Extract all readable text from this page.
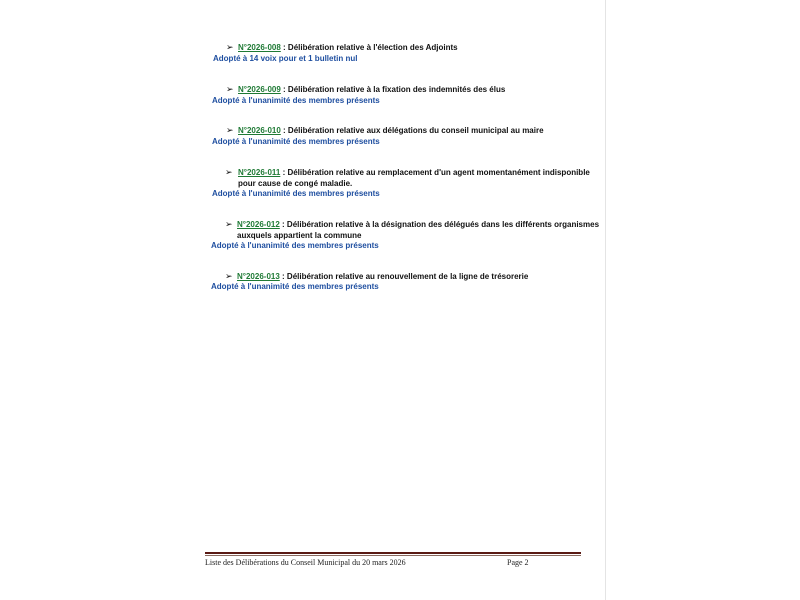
➢ N°2026-008 : Délibération relative à l'élection des Adjoints
Adopté à 14 voix pour et 1 bulletin nul
➢ N°2026-009 : Délibération relative à la fixation des indemnités des élus
Adopté à l'unanimité des membres présents
➢ N°2026-010 : Délibération relative aux délégations du conseil municipal au maire
Adopté à l'unanimité des membres présents
➢ N°2026-011 : Délibération relative au remplacement d'un agent momentanément indisponible
pour cause de congé maladie.
Adopté à l'unanimité des membres présents
➢ N°2026-012 : Délibération relative à la désignation des délégués dans les différents organismes
auxquels appartient la commune
Adopté à l'unanimité des membres présents
➢ N°2026-013 : Délibération relative au renouvellement de la ligne de trésorerie
Adopté à l'unanimité des membres présents
Liste des Délibérations du Conseil Municipal du 20 mars 2026	Page 2
